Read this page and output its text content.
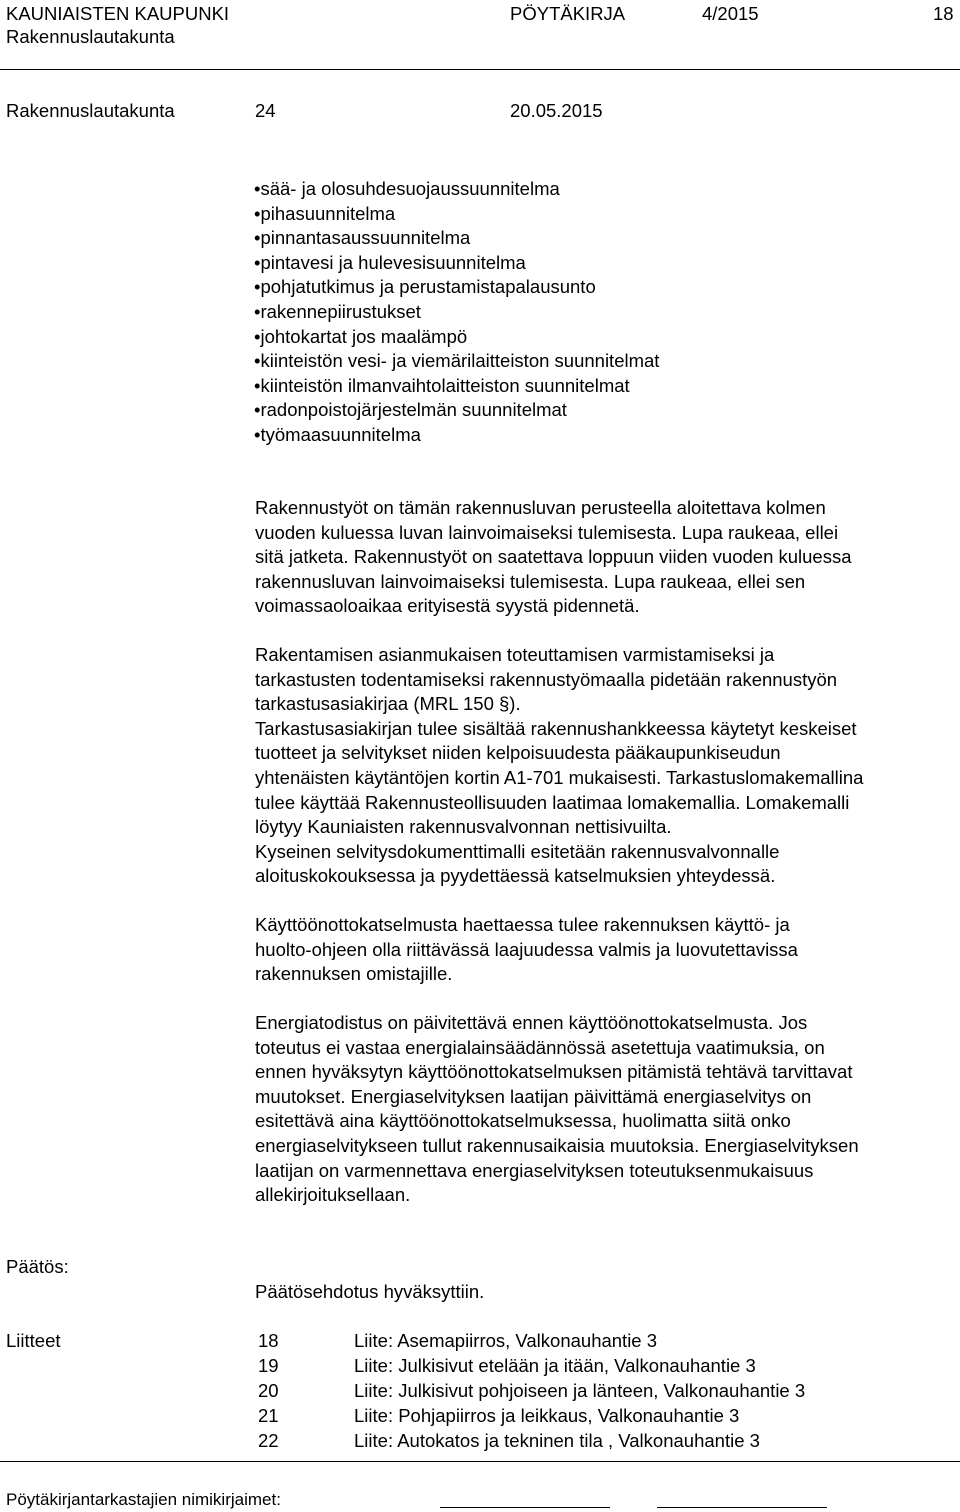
KAUNIAISTEN KAUPUNKI
Rakennuslautakunta
PÖYTÄKIRJA	4/2015	18
Rakennuslautakunta	24	20.05.2015
• sää- ja olosuhdesuojaussuunnitelma
• pihasuunnitelma
• pinnantasaussuunnitelma
• pintavesi ja hulevesisuunnitelma
• pohjatutkimus ja perustamistapalausunto
• rakennepiirustukset
• johtokartat jos maalämpö
• kiinteistön vesi- ja viemärilaitteiston suunnitelmat
• kiinteistön ilmanvaihtolaitteiston suunnitelmat
• radonpoistojärjestelmän suunnitelmat
• työmaasuunnitelma

Rakennustyöt on tämän rakennusluvan perusteella aloitettava kolmen
vuoden kuluessa luvan lainvoimaiseksi tulemisesta. Lupa raukeaa, ellei
sitä jatketa. Rakennustyöt on saatettava loppuun viiden vuoden kuluessa
rakennusluvan lainvoimaiseksi tulemisesta. Lupa raukeaa, ellei sen
voimassaoloaikaa erityisestä syystä pidennetä.

Rakentamisen asianmukaisen toteuttamisen varmistamiseksi ja
tarkastusten todentamiseksi rakennustyömaalla pidetään rakennustyön
tarkastusasiakirjaa (MRL 150 §).
Tarkastusasiakirjan tulee sisältää rakennushankkeessa käytetyt keskeiset
tuotteet ja selvitykset niiden kelpoisuudesta pääkaupunkiseudun
yhtenäisten käytäntöjen kortin A1-701 mukaisesti. Tarkastuslomakemallina
tulee käyttää Rakennusteollisuuden laatimaa lomakemallia. Lomakemalli
löytyy Kauniaisten rakennusvalvonnan nettisivuilta.
Kyseinen selvitysdokumenttimalli esitetään rakennusvalvonnalle
aloituskokouksessa ja pyydettäessä katselmuksien yhteydessä.

Käyttöönottokatselmusta haettaessa tulee rakennuksen käyttö- ja
huolto-ohjeen olla riittävässä laajuudessa valmis ja luovutettavissa
rakennuksen omistajille.

Energiatodistus on päivitettävä ennen käyttöönottokatselmusta. Jos
toteutus ei vastaa energialainsäädännössä asetettuja vaatimuksia, on
ennen hyväksytyn käyttöönottokatselmuksen pitämistä tehtävä tarvittavat
muutokset. Energiaselvityksen laatijan päivittämä energiaselvitys on
esitettävä aina käyttöönottokatselmuksessa, huolimatta siitä onko
energiaselvitykseen tullut rakennusaikaisia muutoksia. Energiaselvityksen
laatijan on varmennettava energiaselvityksen toteutuksenmukaisuus
allekirjoituksellaan.

Päätös:
Päätösehdotus hyväksyttiin.
Liitteet	18	Liite: Asemapiirros, Valkonauhantie 3
19	Liite: Julkisivut etelään ja itään, Valkonauhantie 3
20	Liite: Julkisivut pohjoiseen ja länteen, Valkonauhantie 3
21	Liite: Pohjapiirros ja leikkaus, Valkonauhantie 3
22	Liite: Autokatos ja tekninen tila , Valkonauhantie 3
Pöytäkirjantarkastajien nimikirjaimet:
